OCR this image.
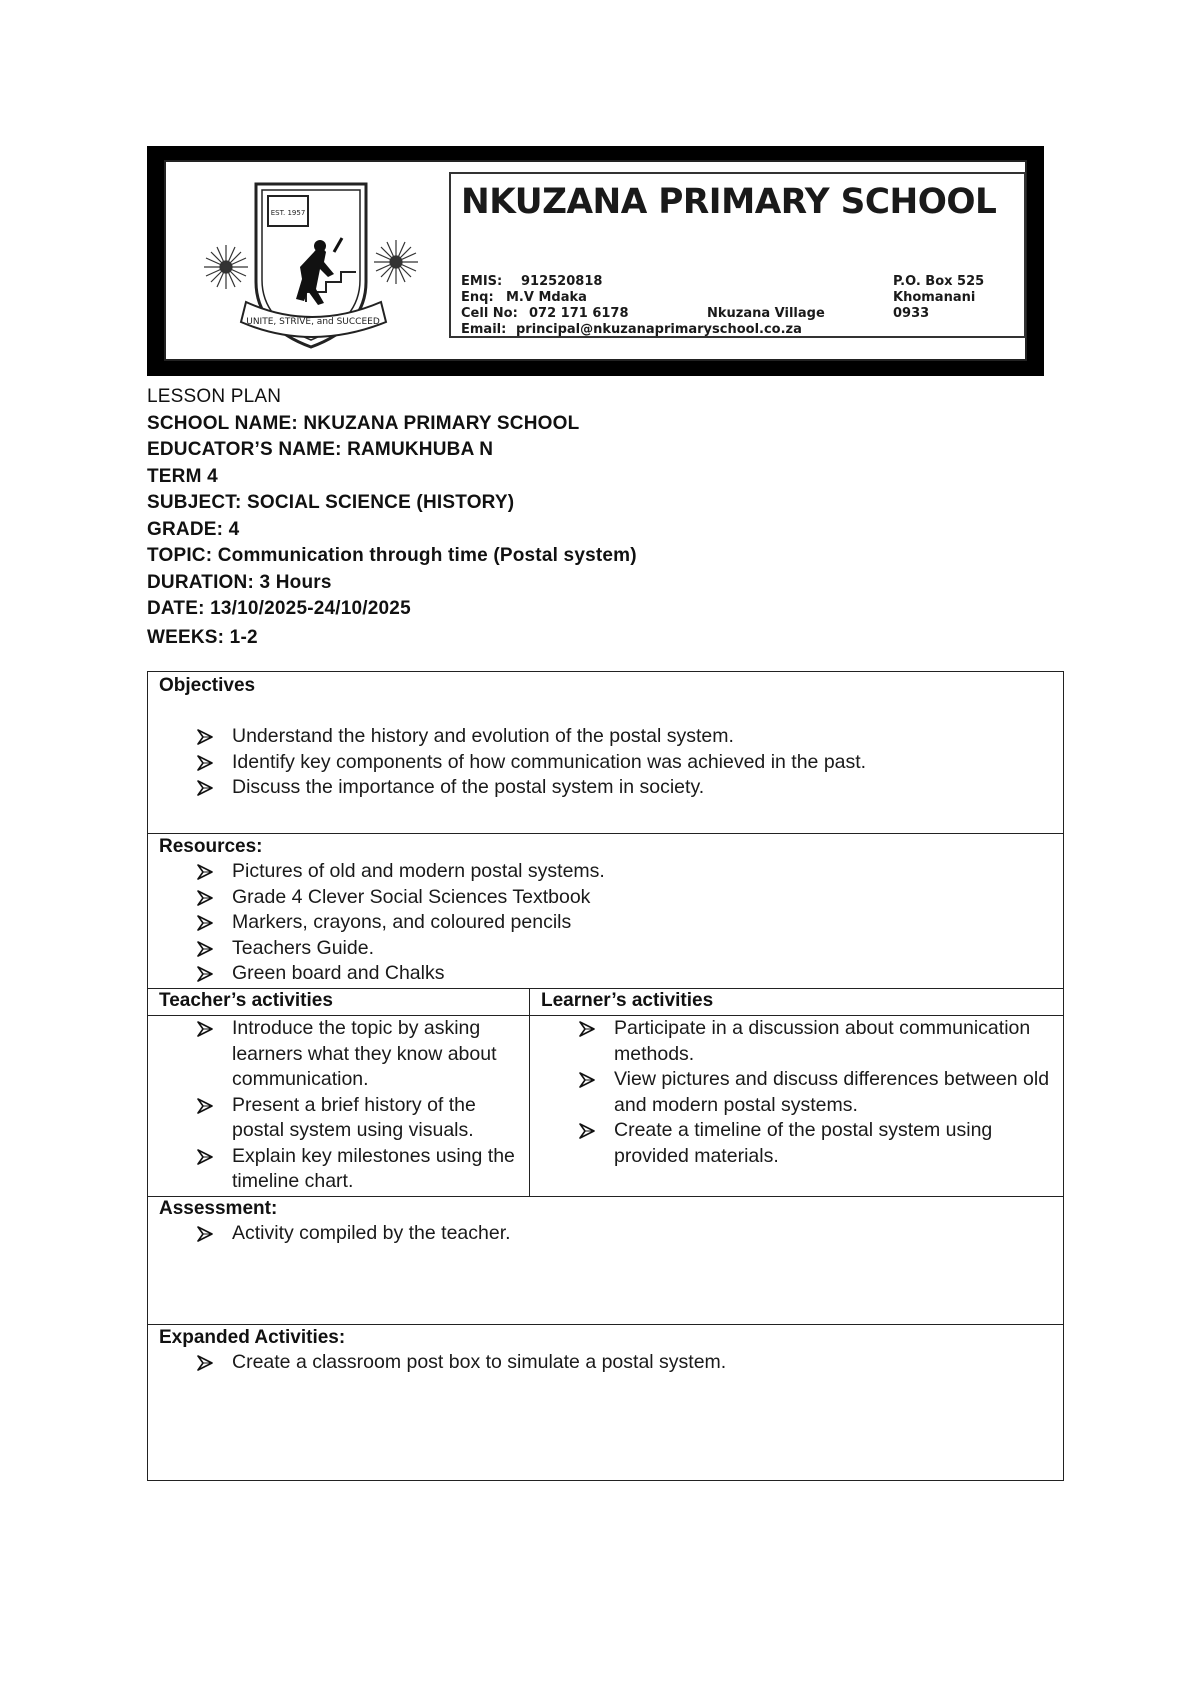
EST. 1957
UNITE, STRIVE, and SUCCEED
NKUZANA PRIMARY SCHOOL
EMIS: 912520818
Enq: M.V Mdaka
Cell No: 072 171 6178	Nkuzana Village
Email: principal@nkuzanaprimaryschool.co.za
P.O. Box 525
Khomanani
0933
LESSON PLAN
SCHOOL NAME: NKUZANA PRIMARY SCHOOL
EDUCATOR’S NAME: RAMUKHUBA N
TERM 4
SUBJECT: SOCIAL SCIENCE (HISTORY)
GRADE: 4
TOPIC: Communication through time (Postal system)
DURATION: 3 Hours
DATE: 13/10/2025-24/10/2025
WEEKS: 1-2
Objectives
Understand the history and evolution of the postal system.
Identify key components of how communication was achieved in the past.
Discuss the importance of the postal system in society.
Resources:
Pictures of old and modern postal systems.
Grade 4 Clever Social Sciences Textbook
Markers, crayons, and coloured pencils
Teachers Guide.
Green board and Chalks
Teacher’s activities	Learner’s activities
Introduce the topic by asking learners what they know about communication.
Present a brief history of the postal system using visuals.
Explain key milestones using the timeline chart.
Participate in a discussion about communication methods.
View pictures and discuss differences between old and modern postal systems.
Create a timeline of the postal system using provided materials.
Assessment:
Activity compiled by the teacher.
Expanded Activities:
Create a classroom post box to simulate a postal system.
